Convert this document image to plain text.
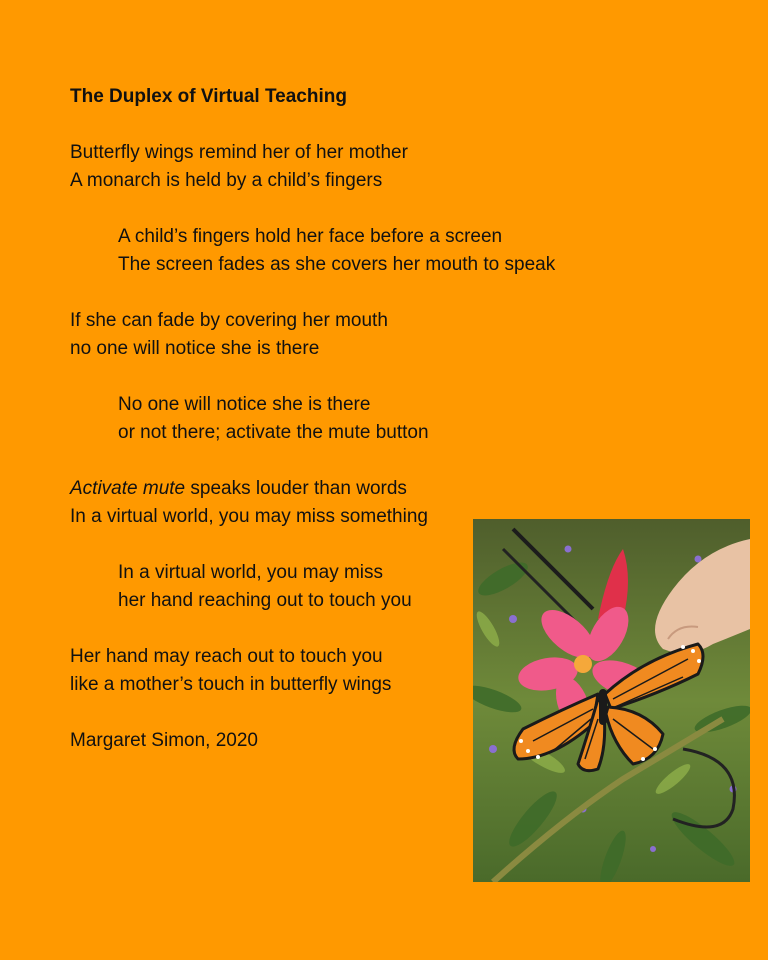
The Duplex of Virtual Teaching
Butterfly wings remind her of her mother
A monarch is held by a child’s fingers
A child’s fingers hold her face before a screen
The screen fades as she covers her mouth to speak
If she can fade by covering her mouth
no one will notice she is there
No one will notice she is there
or not there; activate the mute button
Activate mute speaks louder than words
In a virtual world, you may miss something
In a virtual world, you may miss
her hand reaching out to touch you
Her hand may reach out to touch you
like a mother’s touch in butterfly wings
Margaret Simon, 2020
